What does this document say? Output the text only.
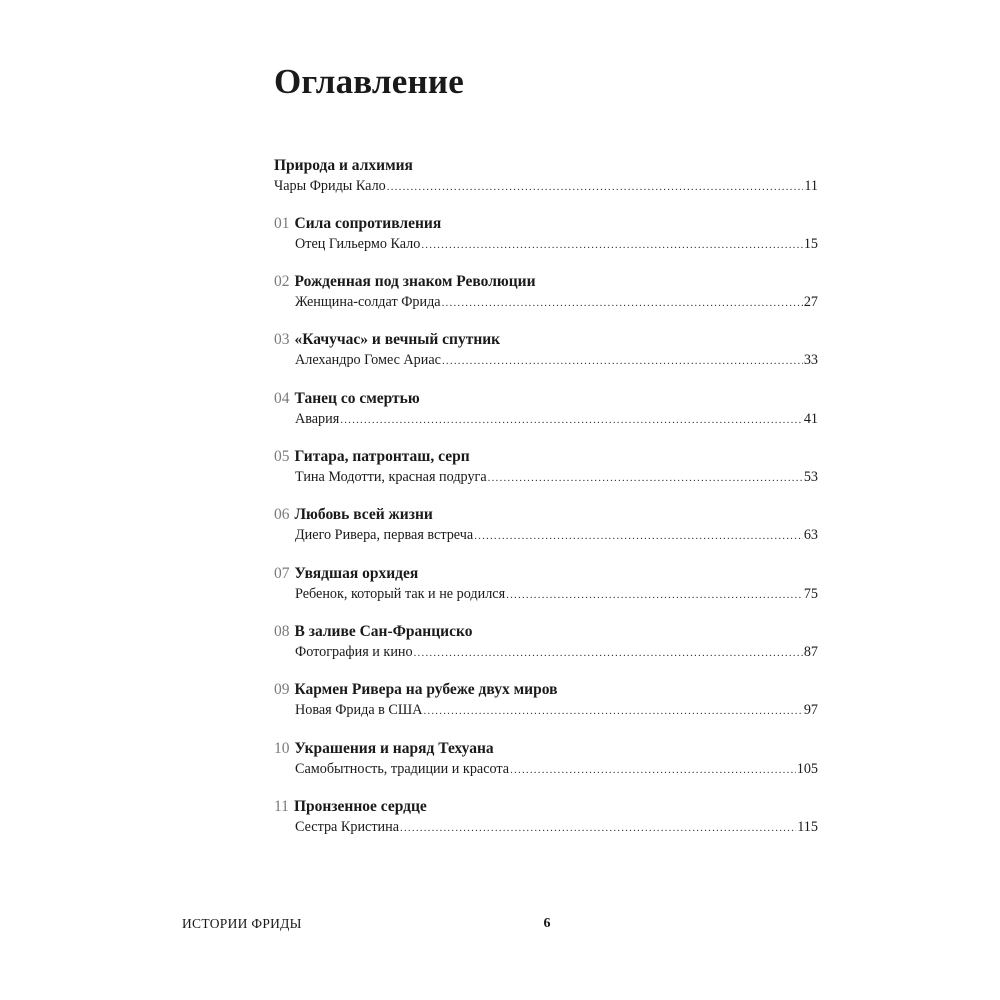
Оглавление
Природа и алхимия
Чары Фриды Кало .....	11
01 Сила сопротивления
Отец Гильермо Кало .....	15
02 Рожденная под знаком Революции
Женщина-солдат Фрида .....	27
03 «Качучас» и вечный спутник
Алехандро Гомес Ариас .....	33
04 Танец со смертью
Авария .....	41
05 Гитара, патронташ, серп
Тина Модотти, красная подруга .....	53
06 Любовь всей жизни
Диего Ривера, первая встреча .....	63
07 Увядшая орхидея
Ребенок, который так и не родился .....	75
08 В заливе Сан-Франциско
Фотография и кино .....	87
09 Кармен Ривера на рубеже двух миров
Новая Фрида в США .....	97
10 Украшения и наряд Техуана
Самобытность, традиции и красота .....	105
11 Пронзенное сердце
Сестра Кристина .....	115
ИСТОРИИ ФРИДЫ	6
